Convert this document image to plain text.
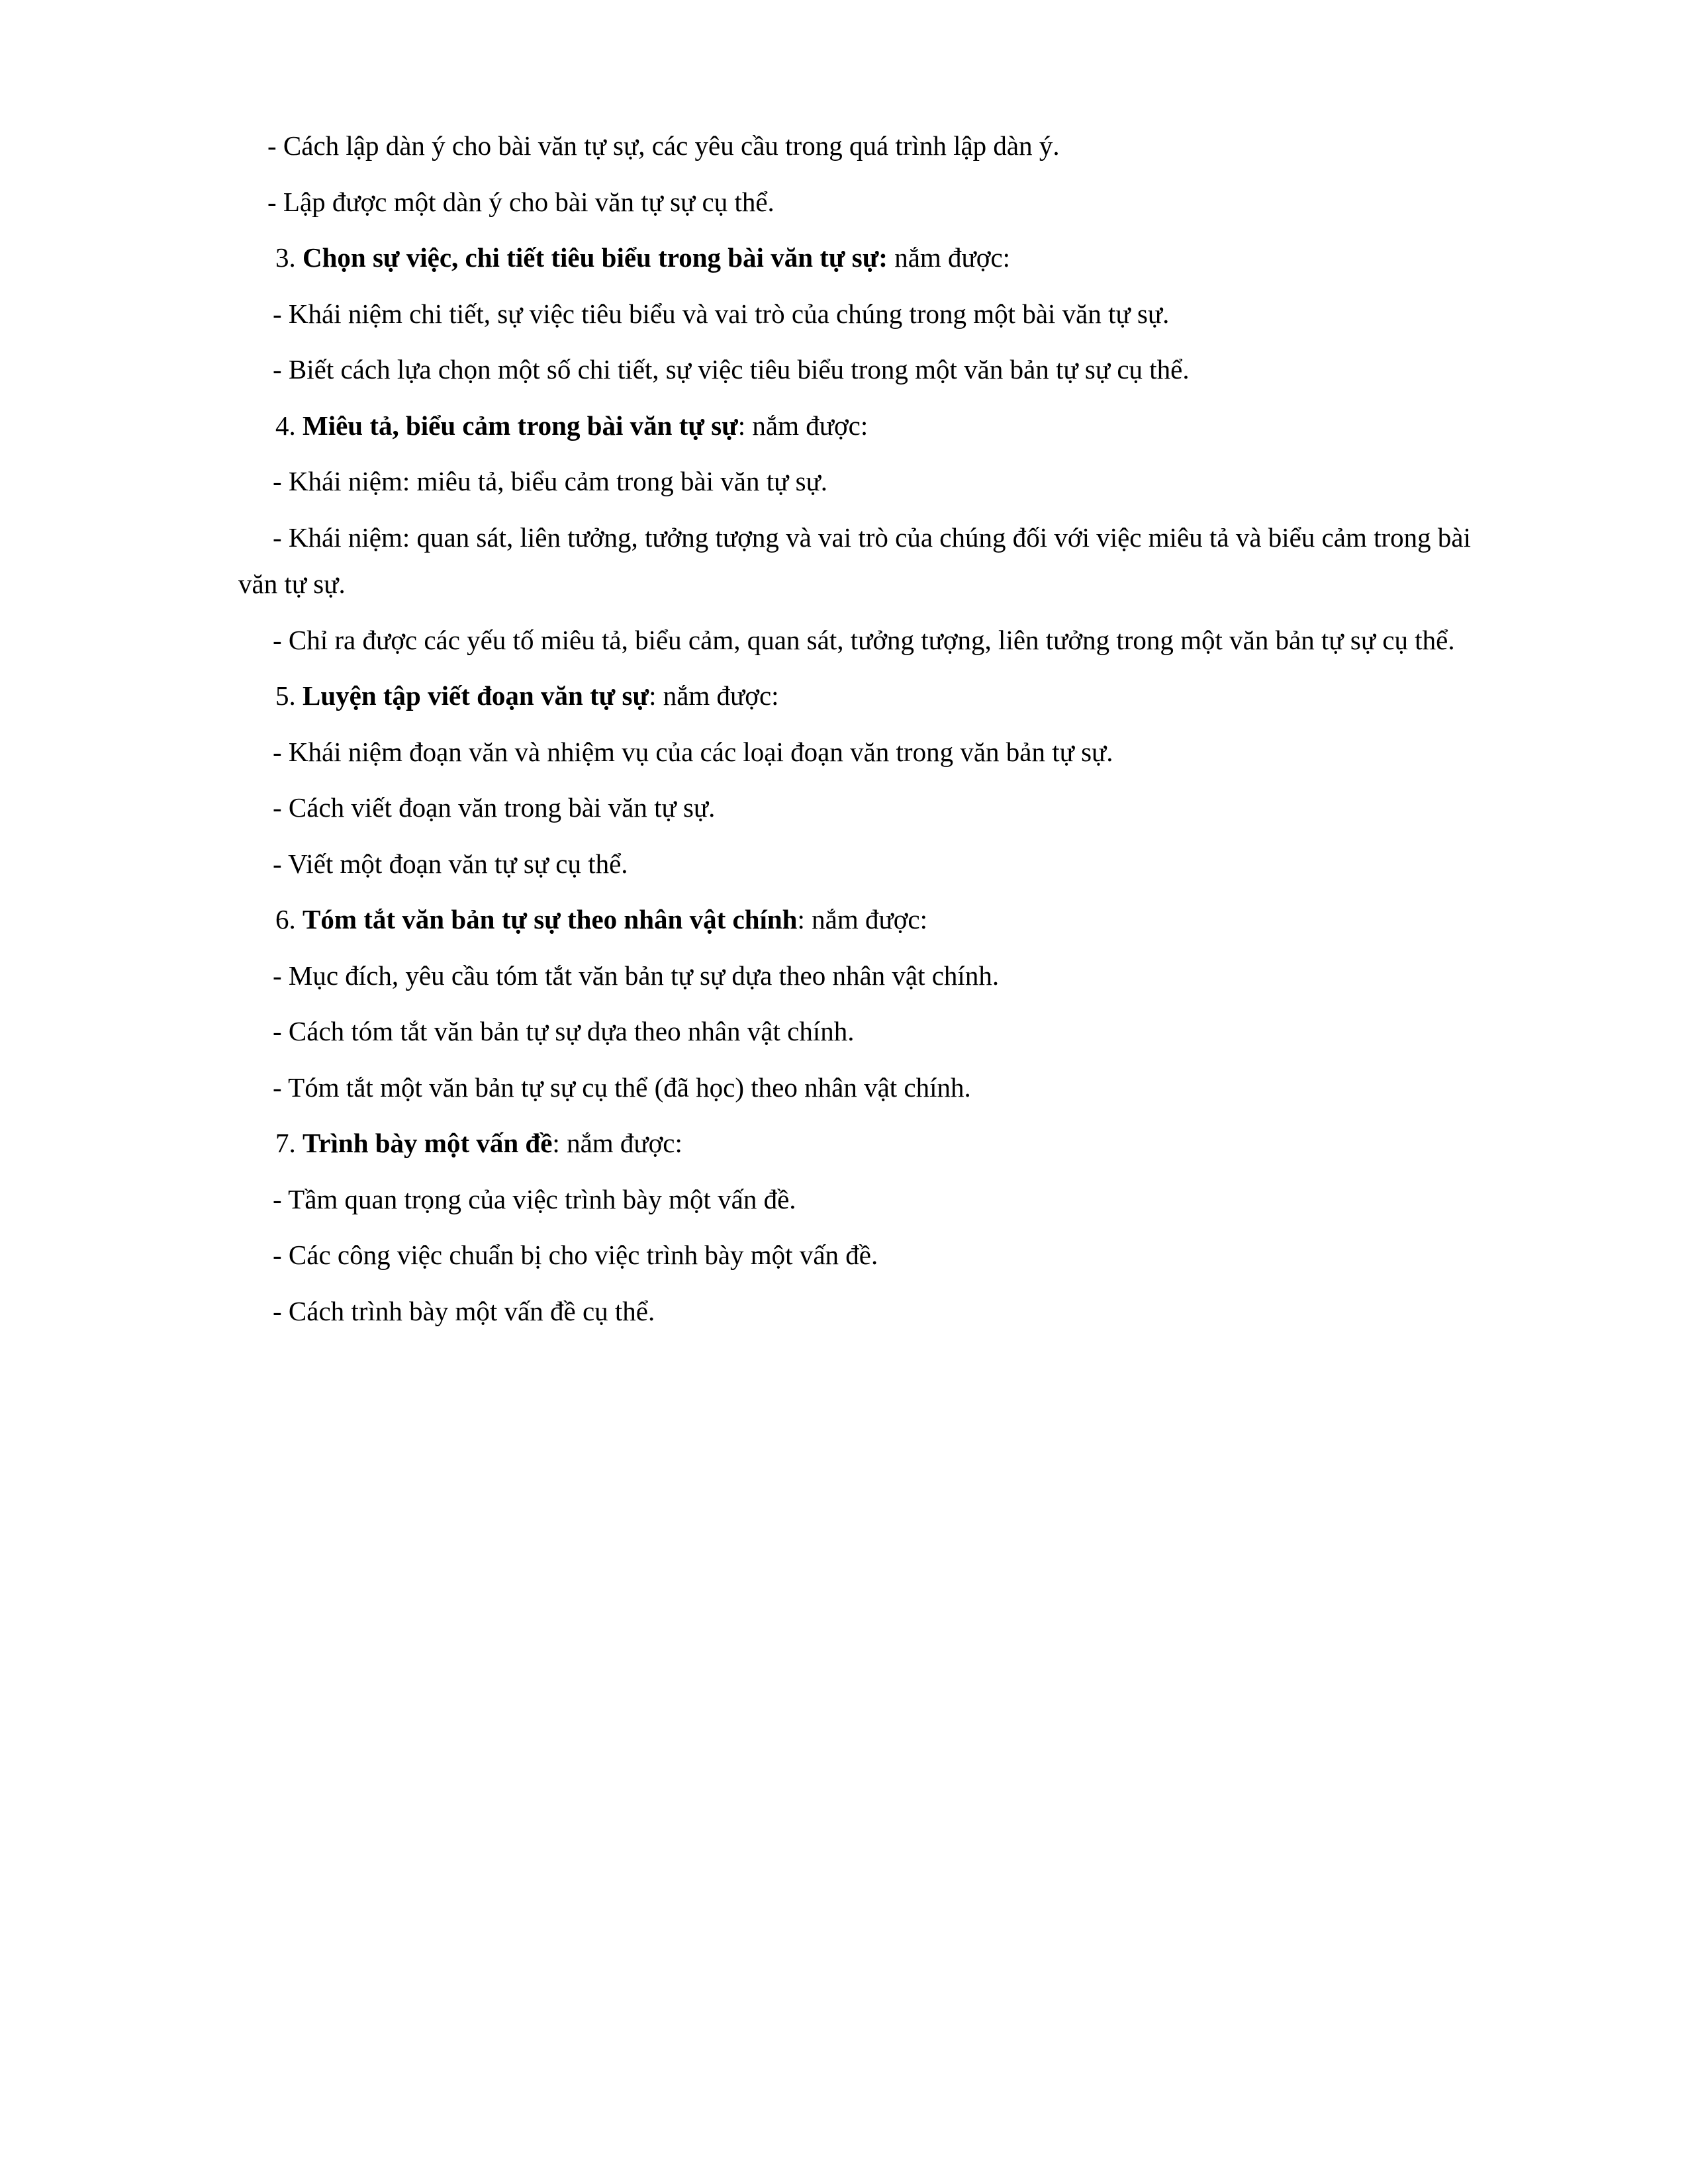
- Cách lập dàn ý cho bài văn tự sự, các yêu cầu trong quá trình lập dàn ý.

- Lập được một dàn ý cho bài văn tự sự cụ thể.

3. Chọn sự việc, chi tiết tiêu biểu trong bài văn tự sự: nắm được:

- Khái niệm chi tiết, sự việc tiêu biểu và vai trò của chúng trong một bài văn tự sự.

- Biết cách lựa chọn một số chi tiết, sự việc tiêu biểu trong một văn bản tự sự cụ thể.

4. Miêu tả, biểu cảm trong bài văn tự sự: nắm được:

- Khái niệm: miêu tả, biểu cảm trong bài văn tự sự.

- Khái niệm: quan sát, liên tưởng, tưởng tượng và vai trò của chúng đối với việc miêu tả và biểu cảm trong bài văn tự sự.

- Chỉ ra được các yếu tố miêu tả, biểu cảm, quan sát, tưởng tượng, liên tưởng trong một văn bản tự sự cụ thể.

5. Luyện tập viết đoạn văn tự sự: nắm được:

- Khái niệm đoạn văn và nhiệm vụ của các loại đoạn văn trong văn bản tự sự.

- Cách viết đoạn văn trong bài văn tự sự.

- Viết một đoạn văn tự sự cụ thể.

6. Tóm tắt văn bản tự sự theo nhân vật chính: nắm được:

- Mục đích, yêu cầu tóm tắt văn bản tự sự dựa theo nhân vật chính.

- Cách tóm tắt văn bản tự sự dựa theo nhân vật chính.

- Tóm tắt một văn bản tự sự cụ thể (đã học) theo nhân vật chính.

7. Trình bày một vấn đề: nắm được:

- Tầm quan trọng của việc trình bày một vấn đề.

- Các công việc chuẩn bị cho việc trình bày một vấn đề.

- Cách trình bày một vấn đề cụ thể.
